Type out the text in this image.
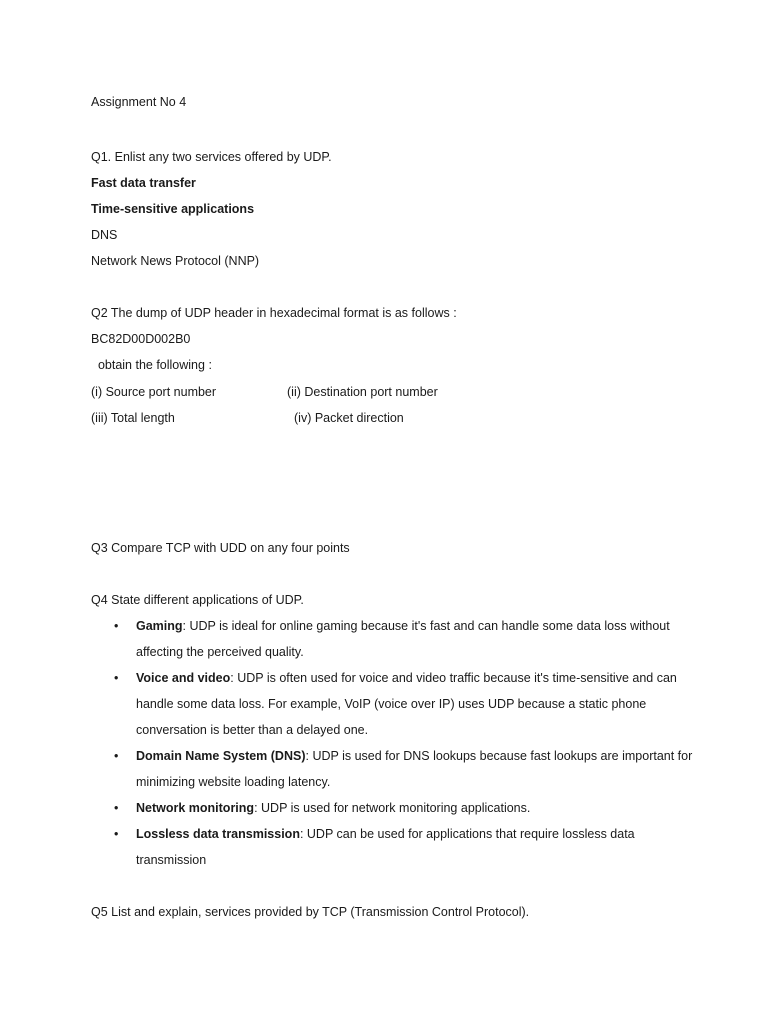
Assignment No 4
Q1. Enlist any two services offered by UDP.
Fast data transfer
Time-sensitive applications
DNS
Network News Protocol (NNP)
Q2 The dump of UDP header in hexadecimal format is as follows :
BC82D00D002B0
obtain the following :
(i) Source port number	(ii) Destination port number
(iii) Total length	(iv) Packet direction
Q3 Compare TCP with UDD on any four points
Q4 State different applications of UDP.
• Gaming: UDP is ideal for online gaming because it's fast and can handle some data loss without affecting the perceived quality.
• Voice and video: UDP is often used for voice and video traffic because it's time-sensitive and can handle some data loss. For example, VoIP (voice over IP) uses UDP because a static phone conversation is better than a delayed one.
• Domain Name System (DNS): UDP is used for DNS lookups because fast lookups are important for minimizing website loading latency.
• Network monitoring: UDP is used for network monitoring applications.
• Lossless data transmission: UDP can be used for applications that require lossless data transmission
Q5 List and explain, services provided by TCP (Transmission Control Protocol).
